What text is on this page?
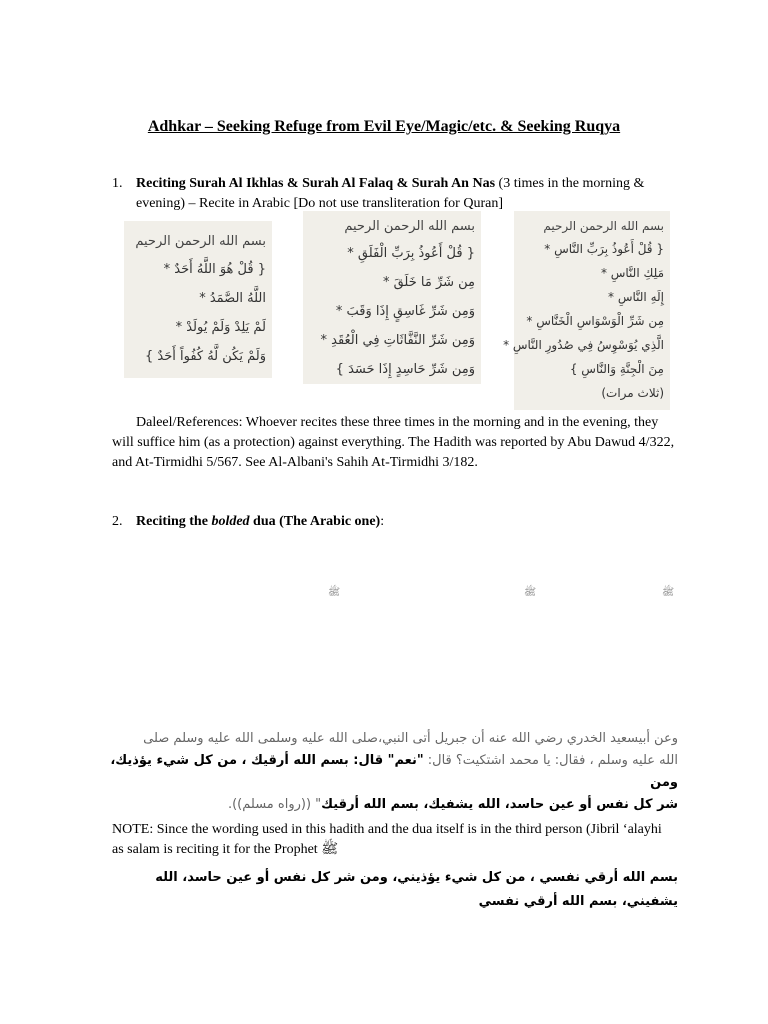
Adhkar – Seeking Refuge from Evil Eye/Magic/etc. & Seeking Ruqya
1. Reciting Surah Al Ikhlas & Surah Al Falaq & Surah An Nas (3 times in the morning & evening) – Recite in Arabic [Do not use transliteration for Quran]
بسم الله الرحمن الرحيم
{ قُلْ هُوَ اللَّهُ أَحَدٌ *
اللَّهُ الصَّمَدُ *
لَمْ يَلِدْ وَلَمْ يُولَدْ *
وَلَمْ يَكُن لَّهُ كُفُواً أَحَدٌ }
بسم الله الرحمن الرحيم
{ قُلْ أَعُوذُ بِرَبِّ الْفَلَقِ *
مِن شَرِّ مَا خَلَقَ *
وَمِن شَرِّ غَاسِقٍ إِذَا وَقَبَ *
وَمِن شَرِّ النَّفَّاثَاتِ فِي الْعُقَدِ *
وَمِن شَرِّ حَاسِدٍ إِذَا حَسَدَ }
بسم الله الرحمن الرحيم
{ قُلْ أَعُوذُ بِرَبِّ النَّاسِ *
مَلِكِ النَّاسِ *
إِلَهِ النَّاسِ *
مِن شَرِّ الْوَسْوَاسِ الْخَنَّاسِ *
الَّذِي يُوَسْوِسُ فِي صُدُورِ النَّاسِ *
مِنَ الْجِنَّةِ وَالنَّاسِ }
(ثلاث مرات)
Daleel/References: Whoever recites these three times in the morning and in the evening, they will suffice him (as a protection) against everything. The Hadith was reported by Abu Dawud 4/322, and At-Tirmidhi 5/567. See Al-Albani's Sahih At-Tirmidhi 3/182.
2. Reciting the bolded dua (The Arabic one):
ﷺ	ﷺ	ﷺ
وعن أبيسعيد الخدري رضي الله عنه أن جبريل أتى النبي،صلى الله عليه وسلمى الله عليه وسلم صلى
الله عليه وسلم ، فقال: يا محمد اشتكيت؟ قال: "نعم" قال: بسم الله أرقيك ، من كل شيء يؤذيك، ومن
شر كل نفس أو عين حاسد، الله يشفيك، بسم الله أرقيك" ((رواه مسلم)).
NOTE: Since the wording used in this hadith and the dua itself is in the third person (Jibril ‘alayhi as salam is reciting it for the Prophet ﷺ
بسم الله أرقي نفسي ، من كل شيء يؤذيني، ومن شر كل نفس أو عين حاسد، الله يشفيني، بسم الله أرقي نفسي
